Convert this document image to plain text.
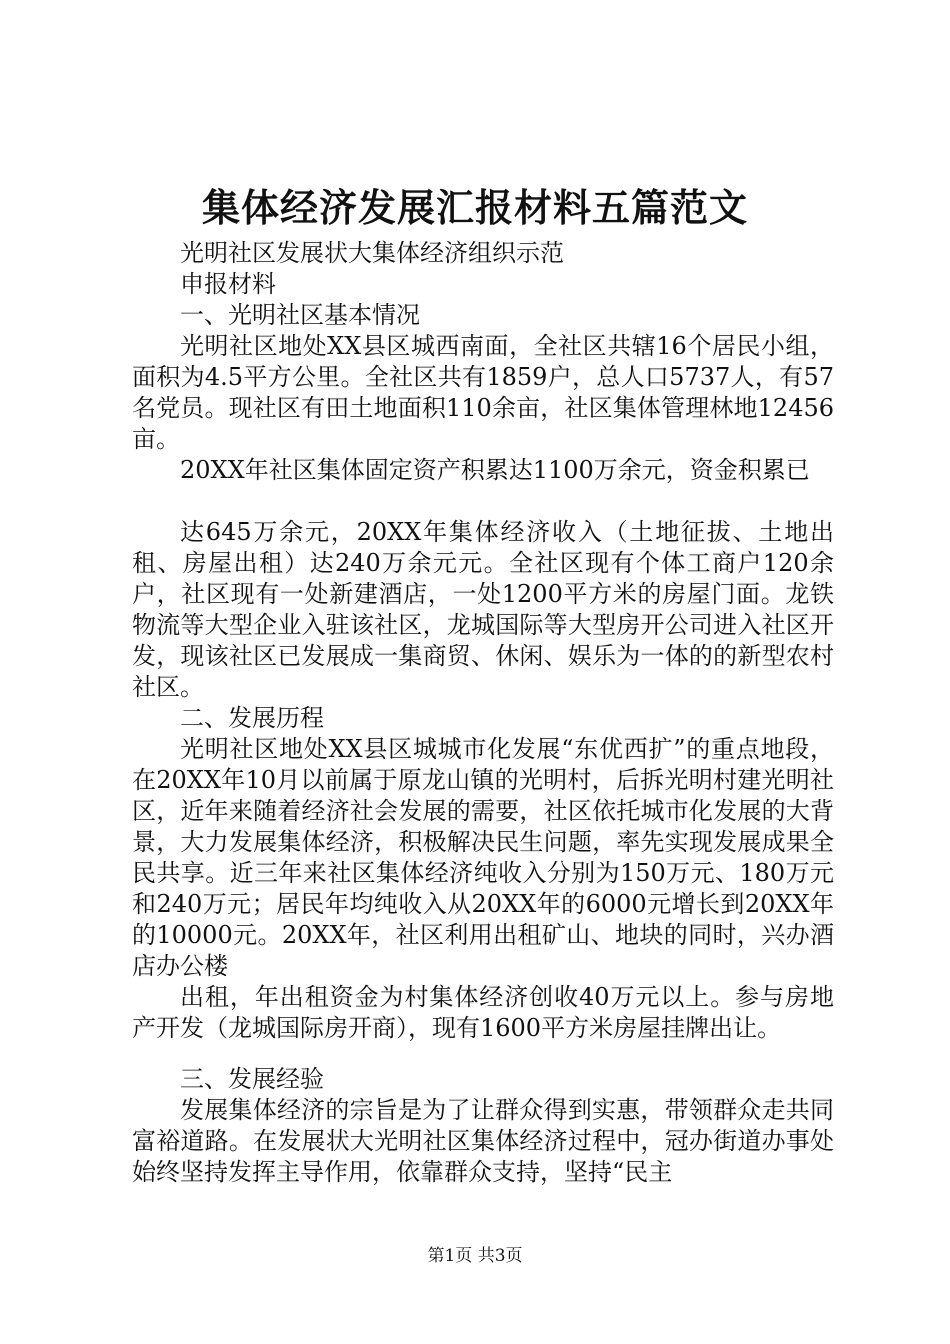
集体经济发展汇报材料五篇范文

光明社区发展状大集体经济组织示范

申报材料

一、光明社区基本情况

光明社区地处XX县区城西南面，全社区共辖16个居民小组，面积为4.5平方公里。全社区共有1859户，总人口5737人，有57名党员。现社区有田土地面积110余亩，社区集体管理林地12456亩。

20XX年社区集体固定资产积累达1100万余元，资金积累已

达645万余元，20XX年集体经济收入（土地征拔、土地出租、房屋出租）达240万余元元。全社区现有个体工商户120余户，社区现有一处新建酒店，一处1200平方米的房屋门面。龙铁物流等大型企业入驻该社区，龙城国际等大型房开公司进入社区开发，现该社区已发展成一集商贸、休闲、娱乐为一体的的新型农村社区。

二、发展历程

光明社区地处XX县区城城市化发展“东优西扩”的重点地段，在20XX年10月以前属于原龙山镇的光明村，后拆光明村建光明社区，近年来随着经济社会发展的需要，社区依托城市化发展的大背景，大力发展集体经济，积极解决民生问题，率先实现发展成果全民共享。近三年来社区集体经济纯收入分别为150万元、180万元和240万元；居民年均纯收入从20XX年的6000元增长到20XX年的10000元。20XX年，社区利用出租矿山、地块的同时，兴办酒店办公楼

出租，年出租资金为村集体经济创收40万元以上。参与房地产开发（龙城国际房开商），现有1600平方米房屋挂牌出让。

三、发展经验

发展集体经济的宗旨是为了让群众得到实惠，带领群众走共同富裕道路。在发展状大光明社区集体经济过程中，冠办街道办事处始终坚持发挥主导作用，依靠群众支持，坚持“民主

第1页 共3页
